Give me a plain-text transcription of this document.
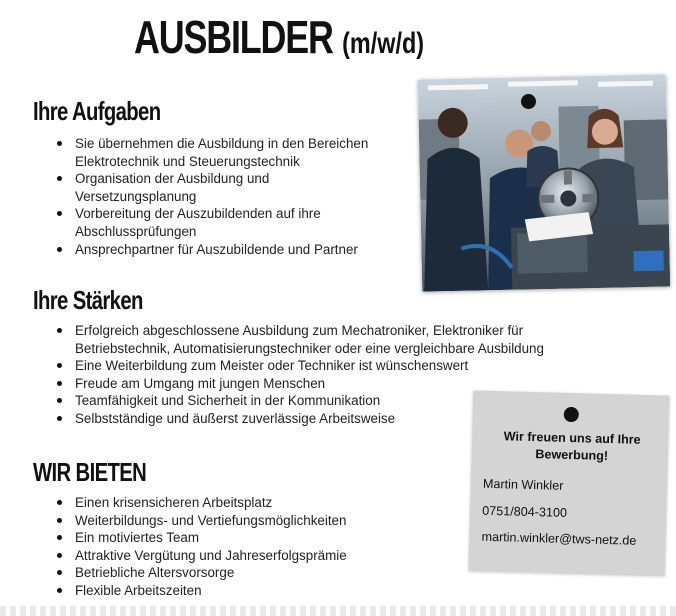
AUSBILDER (m/w/d)
Ihre Aufgaben
Sie übernehmen die Ausbildung in den Bereichen
Elektrotechnik und Steuerungstechnik
Organisation der Ausbildung und
Versetzungsplanung
Vorbereitung der Auszubildenden auf ihre
Abschlussprüfungen
Ansprechpartner für Auszubildende und Partner
Ihre Stärken
Erfolgreich abgeschlossene Ausbildung zum Mechatroniker, Elektroniker für
Betriebstechnik, Automatisierungstechniker oder eine vergleichbare Ausbildung
Eine Weiterbildung zum Meister oder Techniker ist wünschenswert
Freude am Umgang mit jungen Menschen
Teamfähigkeit und Sicherheit in der Kommunikation
Selbstständige und äußerst zuverlässige Arbeitsweise
WIR BIETEN
Einen krisensicheren Arbeitsplatz
Weiterbildungs- und Vertiefungsmöglichkeiten
Ein motiviertes Team
Attraktive Vergütung und Jahreserfolgsprämie
Betriebliche Altersvorsorge
Flexible Arbeitszeiten
Wir freuen uns auf Ihre
Bewerbung!
Martin Winkler
0751/804-3100
martin.winkler@tws-netz.de
